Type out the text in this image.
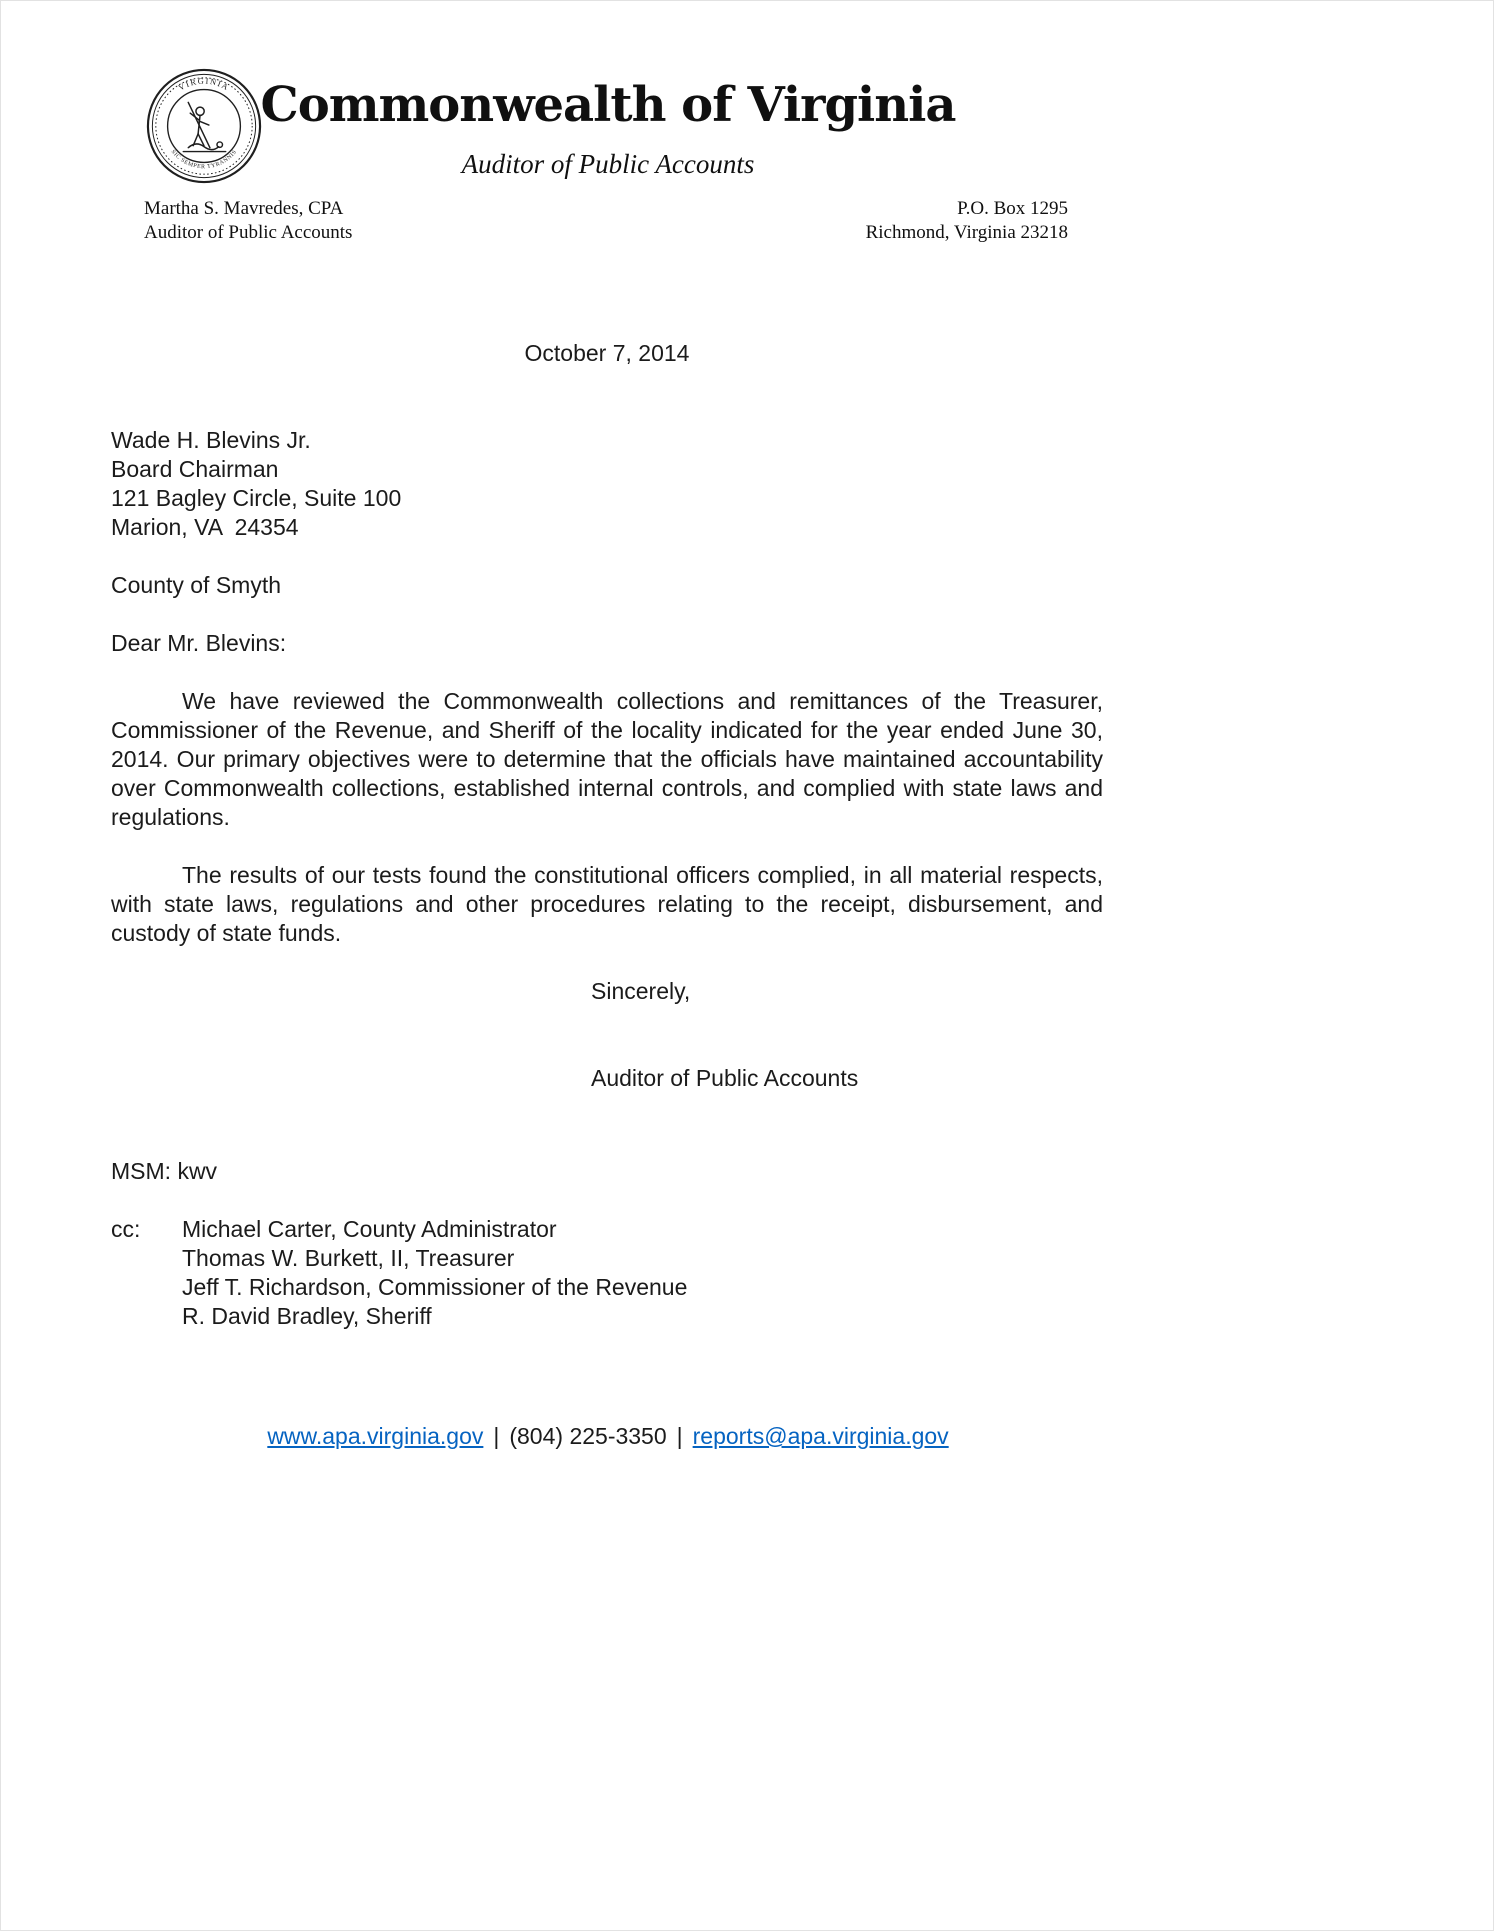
VIRGINIA
SIC SEMPER TYRANNIS
Commonwealth of Virginia
Auditor of Public Accounts
Martha S. Mavredes, CPA
Auditor of Public Accounts
P.O. Box 1295
Richmond, Virginia 23218
October 7, 2014
Wade H. Blevins Jr.
Board Chairman
121 Bagley Circle, Suite 100
Marion, VA  24354
County of Smyth
Dear Mr. Blevins:

We have reviewed the Commonwealth collections and remittances of the Treasurer, Commissioner of the Revenue, and Sheriff of the locality indicated for the year ended June 30, 2014. Our primary objectives were to determine that the officials have maintained accountability over Commonwealth collections, established internal controls, and complied with state laws and regulations.

The results of our tests found the constitutional officers complied, in all material respects, with state laws, regulations and other procedures relating to the receipt, disbursement, and custody of state funds.

Sincerely,
Auditor of Public Accounts
MSM: kwv
cc:	Michael Carter, County Administrator
Thomas W. Burkett, II, Treasurer
Jeff T. Richardson, Commissioner of the Revenue
R. David Bradley, Sheriff
www.apa.virginia.gov | (804) 225-3350 | reports@apa.virginia.gov
